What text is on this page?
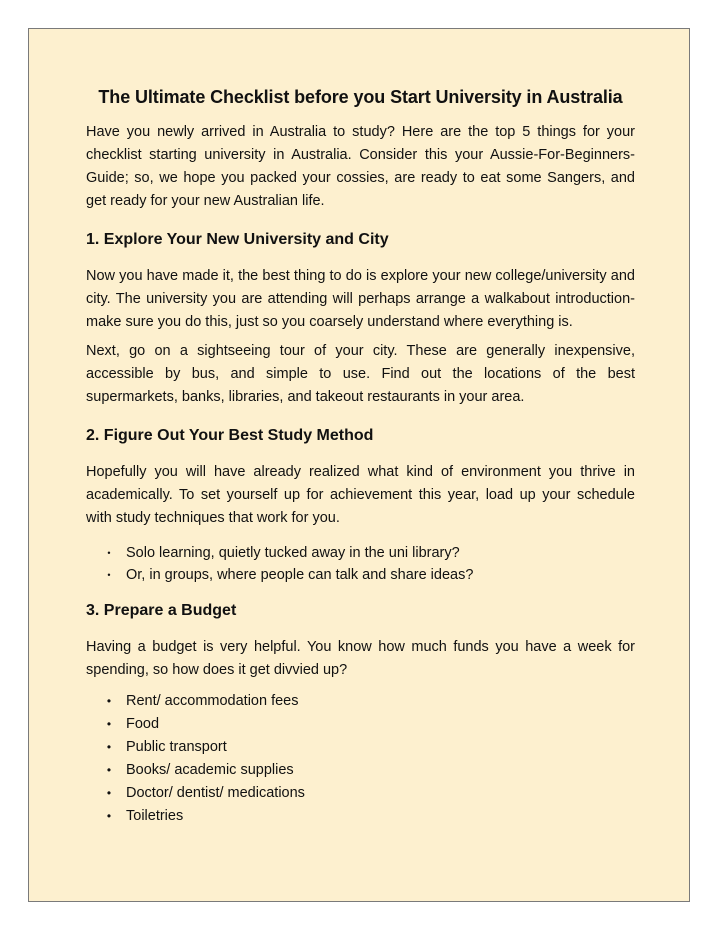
The Ultimate Checklist before you Start University in Australia

Have you newly arrived in Australia to study? Here are the top 5 things for your checklist starting university in Australia. Consider this your Aussie-For-Beginners-Guide; so, we hope you packed your cossies, are ready to eat some Sangers, and get ready for your new Australian life.

1. Explore Your New University and City

Now you have made it, the best thing to do is explore your new college/university and city. The university you are attending will perhaps arrange a walkabout introduction- make sure you do this, just so you coarsely understand where everything is.

Next, go on a sightseeing tour of your city. These are generally inexpensive, accessible by bus, and simple to use. Find out the locations of the best supermarkets, banks, libraries, and takeout restaurants in your area.

2. Figure Out Your Best Study Method

Hopefully you will have already realized what kind of environment you thrive in academically. To set yourself up for achievement this year, load up your schedule with study techniques that work for you.

• Solo learning, quietly tucked away in the uni library?
• Or, in groups, where people can talk and share ideas?
3. Prepare a Budget

Having a budget is very helpful. You know how much funds you have a week for spending, so how does it get divvied up?

• Rent/ accommodation fees
• Food
• Public transport
• Books/ academic supplies
• Doctor/ dentist/ medications
• Toiletries
